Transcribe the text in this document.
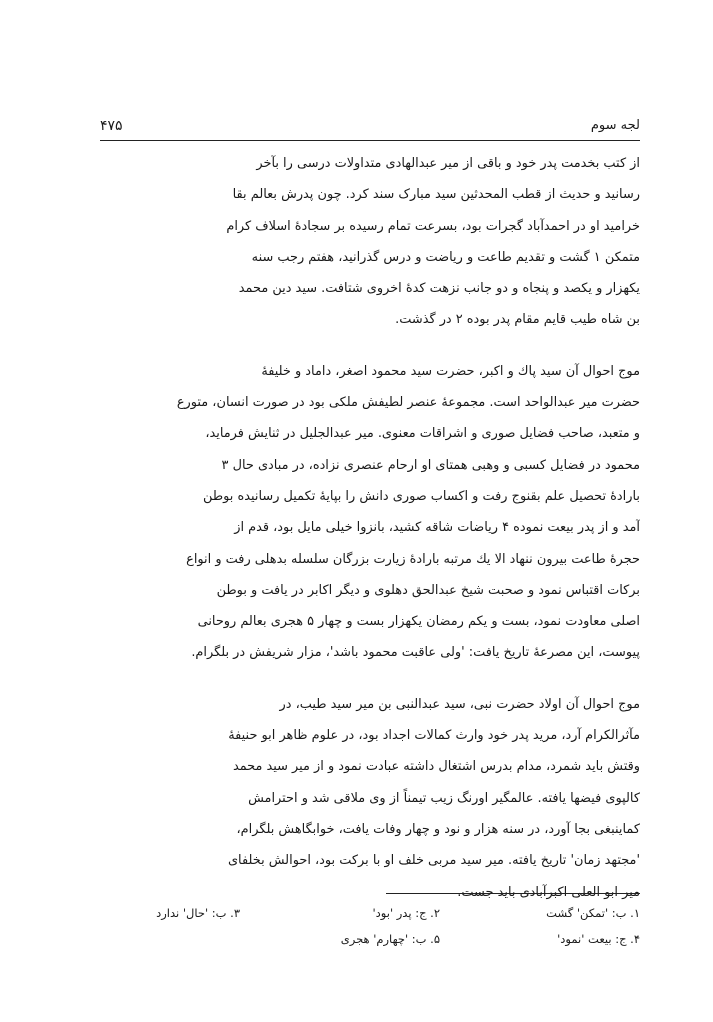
لجه سوم
۴۷۵
از کتب بخدمت پدر خود و باقی از میر عبدالهادی متداولات درسی را بآخر
رسانید و حدیث از قطب المحدثین سید مبارک سند کرد. چون پدرش بعالم بقا
خرامید او در احمدآباد گجرات بود، بسرعت تمام رسیده بر سجادهٔ اسلاف کرام
متمکن ۱ گشت و تقدیم طاعت و ریاضت و درس گذرانید، هفتم رجب سنه
یکهزار و یکصد و پنجاه و دو جانب نزهت کدهٔ اخروی شتافت. سید دین محمد
بن شاه طیب قایم مقام پدر بوده ۲ در گذشت.
موج احوال آن سید پاك و اکبر، حضرت سید محمود اصغر، داماد و خلیفهٔ
حضرت میر عبدالواحد است. مجموعهٔ عنصر لطیفش ملکی بود در صورت انسان، متورع
و متعبد، صاحب فضایل صوری و اشراقات معنوی. میر عبدالجلیل در ثنایش فرماید،
محمود در فضایل کسبی و وهبی همتای او ارحام عنصری نزاده، در مبادی حال ۳
بارادهٔ تحصیل علم بقنوج رفت و اکساب صوری دانش را بپایهٔ تکمیل رسانیده بوطن
آمد و از پدر بیعت نموده ۴ ریاضات شاقه کشید، بانزوا خیلی مایل بود، قدم از
حجرهٔ طاعت بیرون ننهاد الا یك مرتبه بارادهٔ زیارت بزرگان سلسله بدهلی رفت و انواع
برکات اقتباس نمود و صحبت شیخ عبدالحق دهلوی و دیگر اکابر در یافت و بوطن
اصلی معاودت نمود، بست و یکم رمضان یکهزار بست و چهار ۵ هجری بعالم روحانی
پیوست، این مصرعهٔ تاریخ یافت: 'ولی عاقبت محمود باشد'، مزار شریفش در بلگرام.
موج احوال آن اولاد حضرت نبی، سید عبدالنبی بن میر سید طیب، در
مآثرالکرام آرد، مرید پدر خود وارث کمالات اجداد بود، در علوم ظاهر ابو حنیفهٔ
وقتش باید شمرد، مدام بدرس اشتغال داشته عبادت نمود و از میر سید محمد
کالپوی فیضها یافته. عالمگیر اورنگ زیب تیمناً از وی ملاقی شد و احترامش
کماینبغی بجا آورد، در سنه هزار و نود و چهار وفات یافت، خوابگاهش بلگرام،
'مجتهد زمان' تاریخ یافته. میر سید مربی خلف او با برکت بود، احوالش بخلفای
۱. ب: 'تمکن' گشت
۲. ج: پدر 'بود'
۳. ب: 'حال' ندارد
۴. ج: بیعت 'نمود'
۵. ب: 'چهارم' هجری
